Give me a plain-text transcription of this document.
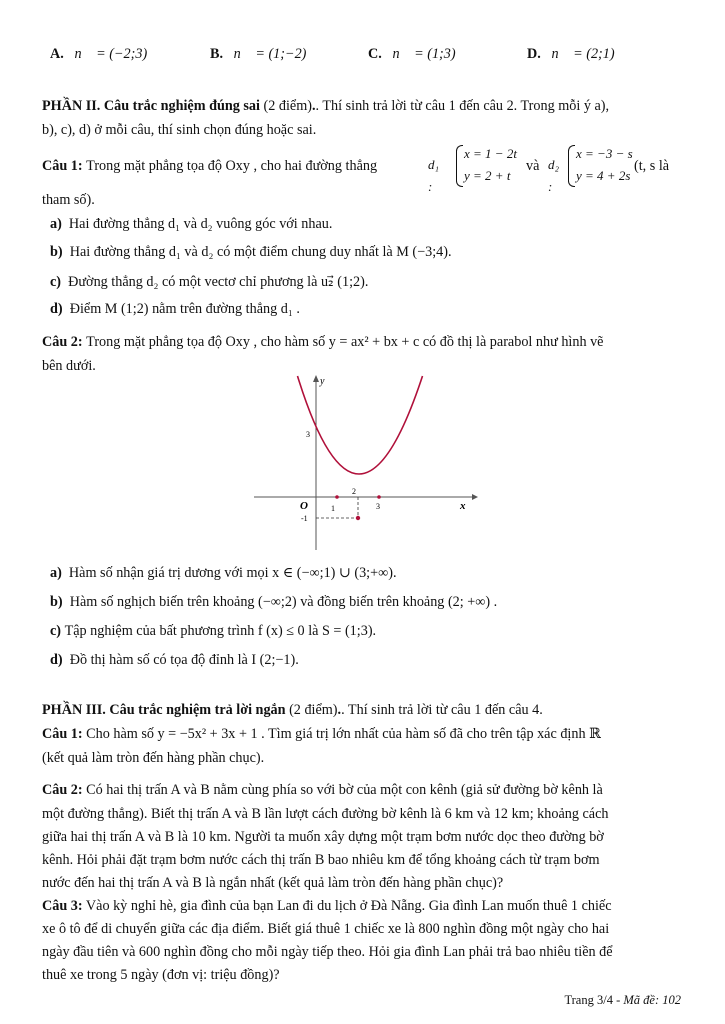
A. n⃗ = (−2;3)	B. n⃗ = (1;−2)	C. n⃗ = (1;3)	D. n⃗ = (2;1)
PHẦN II. Câu trắc nghiệm đúng sai (2 điểm).. Thí sinh trả lời từ câu 1 đến câu 2. Trong mỗi ý a),
b), c), d) ở mỗi câu, thí sinh chọn đúng hoặc sai.
Câu 1: Trong mặt phẳng tọa độ Oxy , cho hai đường thẳng	d₁ :
x = 1 − 2t
y = 2 + t
và d₂ :
x = −3 − s
y = 4 + 2s
(t, s là
tham số).
a) Hai đường thẳng d₁ và d₂ vuông góc với nhau.
b) Hai đường thẳng d₁ và d₂ có một điểm chung duy nhất là M (−3;4).
c) Đường thẳng d₂ có một vectơ chỉ phương là u₂⃗ (1;2).
d) Điểm M (1;2) nằm trên đường thẳng d₁ .
Câu 2: Trong mặt phẳng tọa độ Oxy , cho hàm số y = ax² + bx + c có đồ thị là parabol như hình vẽ
bên dưới.
y
x
O
3
-1
1
2
3
a) Hàm số nhận giá trị dương với mọi x ∈ (−∞;1) ∪ (3;+∞).
b) Hàm số nghịch biến trên khoảng (−∞;2) và đồng biến trên khoảng (2; +∞) .
c) Tập nghiệm của bất phương trình f (x) ≤ 0 là S = (1;3).
d) Đồ thị hàm số có tọa độ đỉnh là I (2;−1).
PHẦN III. Câu trắc nghiệm trả lời ngắn (2 điểm).. Thí sinh trả lời từ câu 1 đến câu 4.
Câu 1: Cho hàm số y = −5x² + 3x + 1 . Tìm giá trị lớn nhất của hàm số đã cho trên tập xác định ℝ
(kết quả làm tròn đến hàng phần chục).
Câu 2: Có hai thị trấn A và B nằm cùng phía so với bờ của một con kênh (giả sử đường bờ kênh là
một đường thẳng). Biết thị trấn A và B lần lượt cách đường bờ kênh là 6 km và 12 km; khoảng cách
giữa hai thị trấn A và B là 10 km. Người ta muốn xây dựng một trạm bơm nước dọc theo đường bờ
kênh. Hỏi phải đặt trạm bơm nước cách thị trấn B bao nhiêu km để tổng khoảng cách từ trạm bơm
nước đến hai thị trấn A và B là ngắn nhất (kết quả làm tròn đến hàng phần chục)?
Câu 3: Vào kỳ nghỉ hè, gia đình của bạn Lan đi du lịch ở Đà Nẵng. Gia đình Lan muốn thuê 1 chiếc
xe ô tô để di chuyển giữa các địa điểm. Biết giá thuê 1 chiếc xe là 800 nghìn đồng một ngày cho hai
ngày đầu tiên và 600 nghìn đồng cho mỗi ngày tiếp theo. Hỏi gia đình Lan phải trả bao nhiêu tiền để
thuê xe trong 5 ngày (đơn vị: triệu đồng)?
Trang 3/4 - Mã đề: 102
